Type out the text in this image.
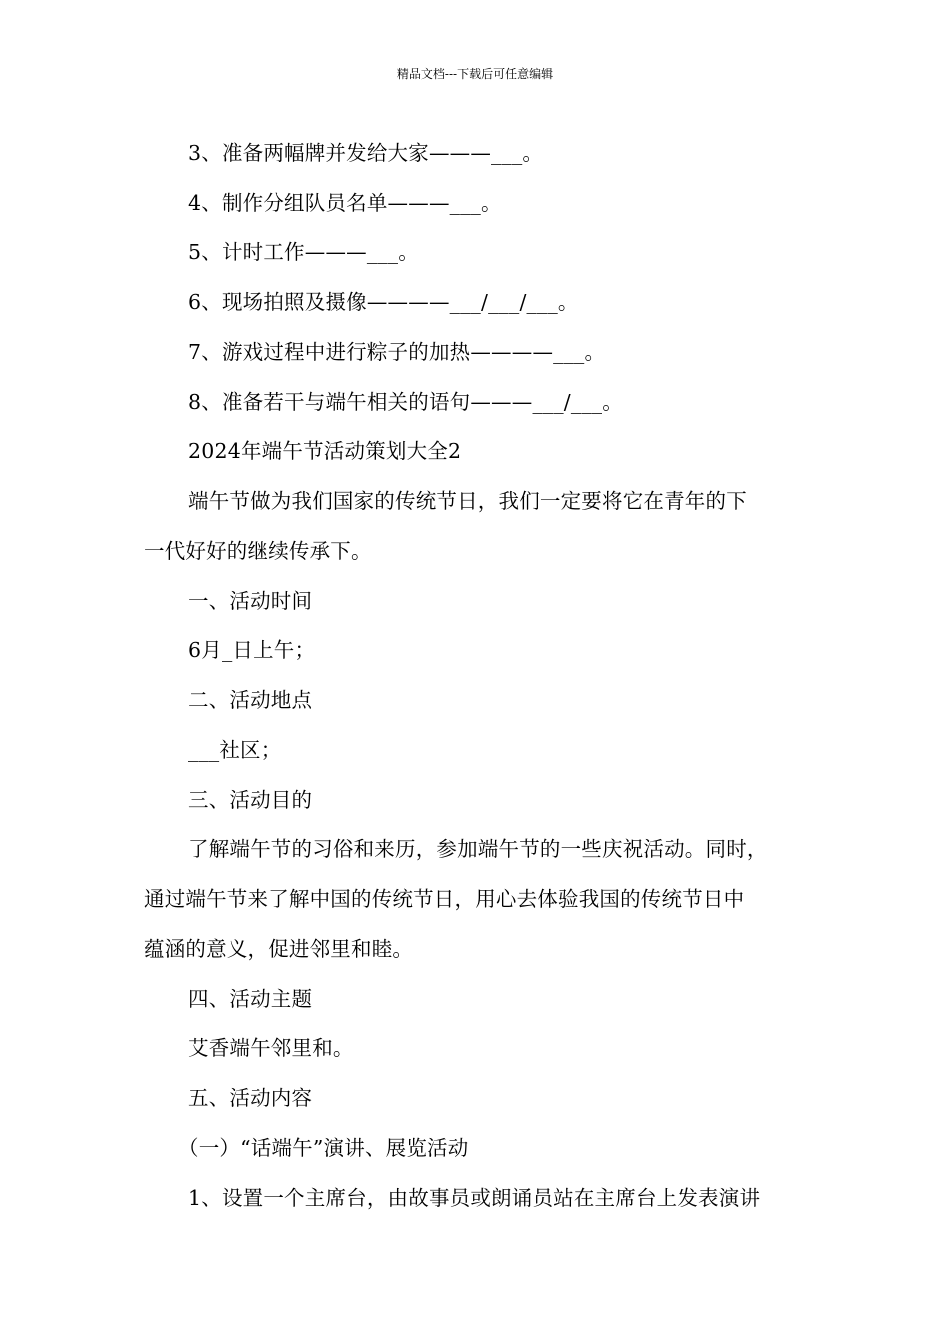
精品文档---下载后可任意编辑
3、准备两幅牌并发给大家———___。
4、制作分组队员名单———___。
5、计时工作———___。
6、现场拍照及摄像————___/___/___。
7、游戏过程中进行粽子的加热————___。
8、准备若干与端午相关的语句———___/___。
2024年端午节活动策划大全2
端午节做为我们国家的传统节日，我们一定要将它在青年的下
一代好好的继续传承下。
一、活动时间
6月_日上午；
二、活动地点
___社区；
三、活动目的
了解端午节的习俗和来历，参加端午节的一些庆祝活动。同时，
通过端午节来了解中国的传统节日，用心去体验我国的传统节日中
蕴涵的意义，促进邻里和睦。
四、活动主题
艾香端午邻里和。
五、活动内容
（一）“话端午”演讲、展览活动
1、设置一个主席台，由故事员或朗诵员站在主席台上发表演讲
